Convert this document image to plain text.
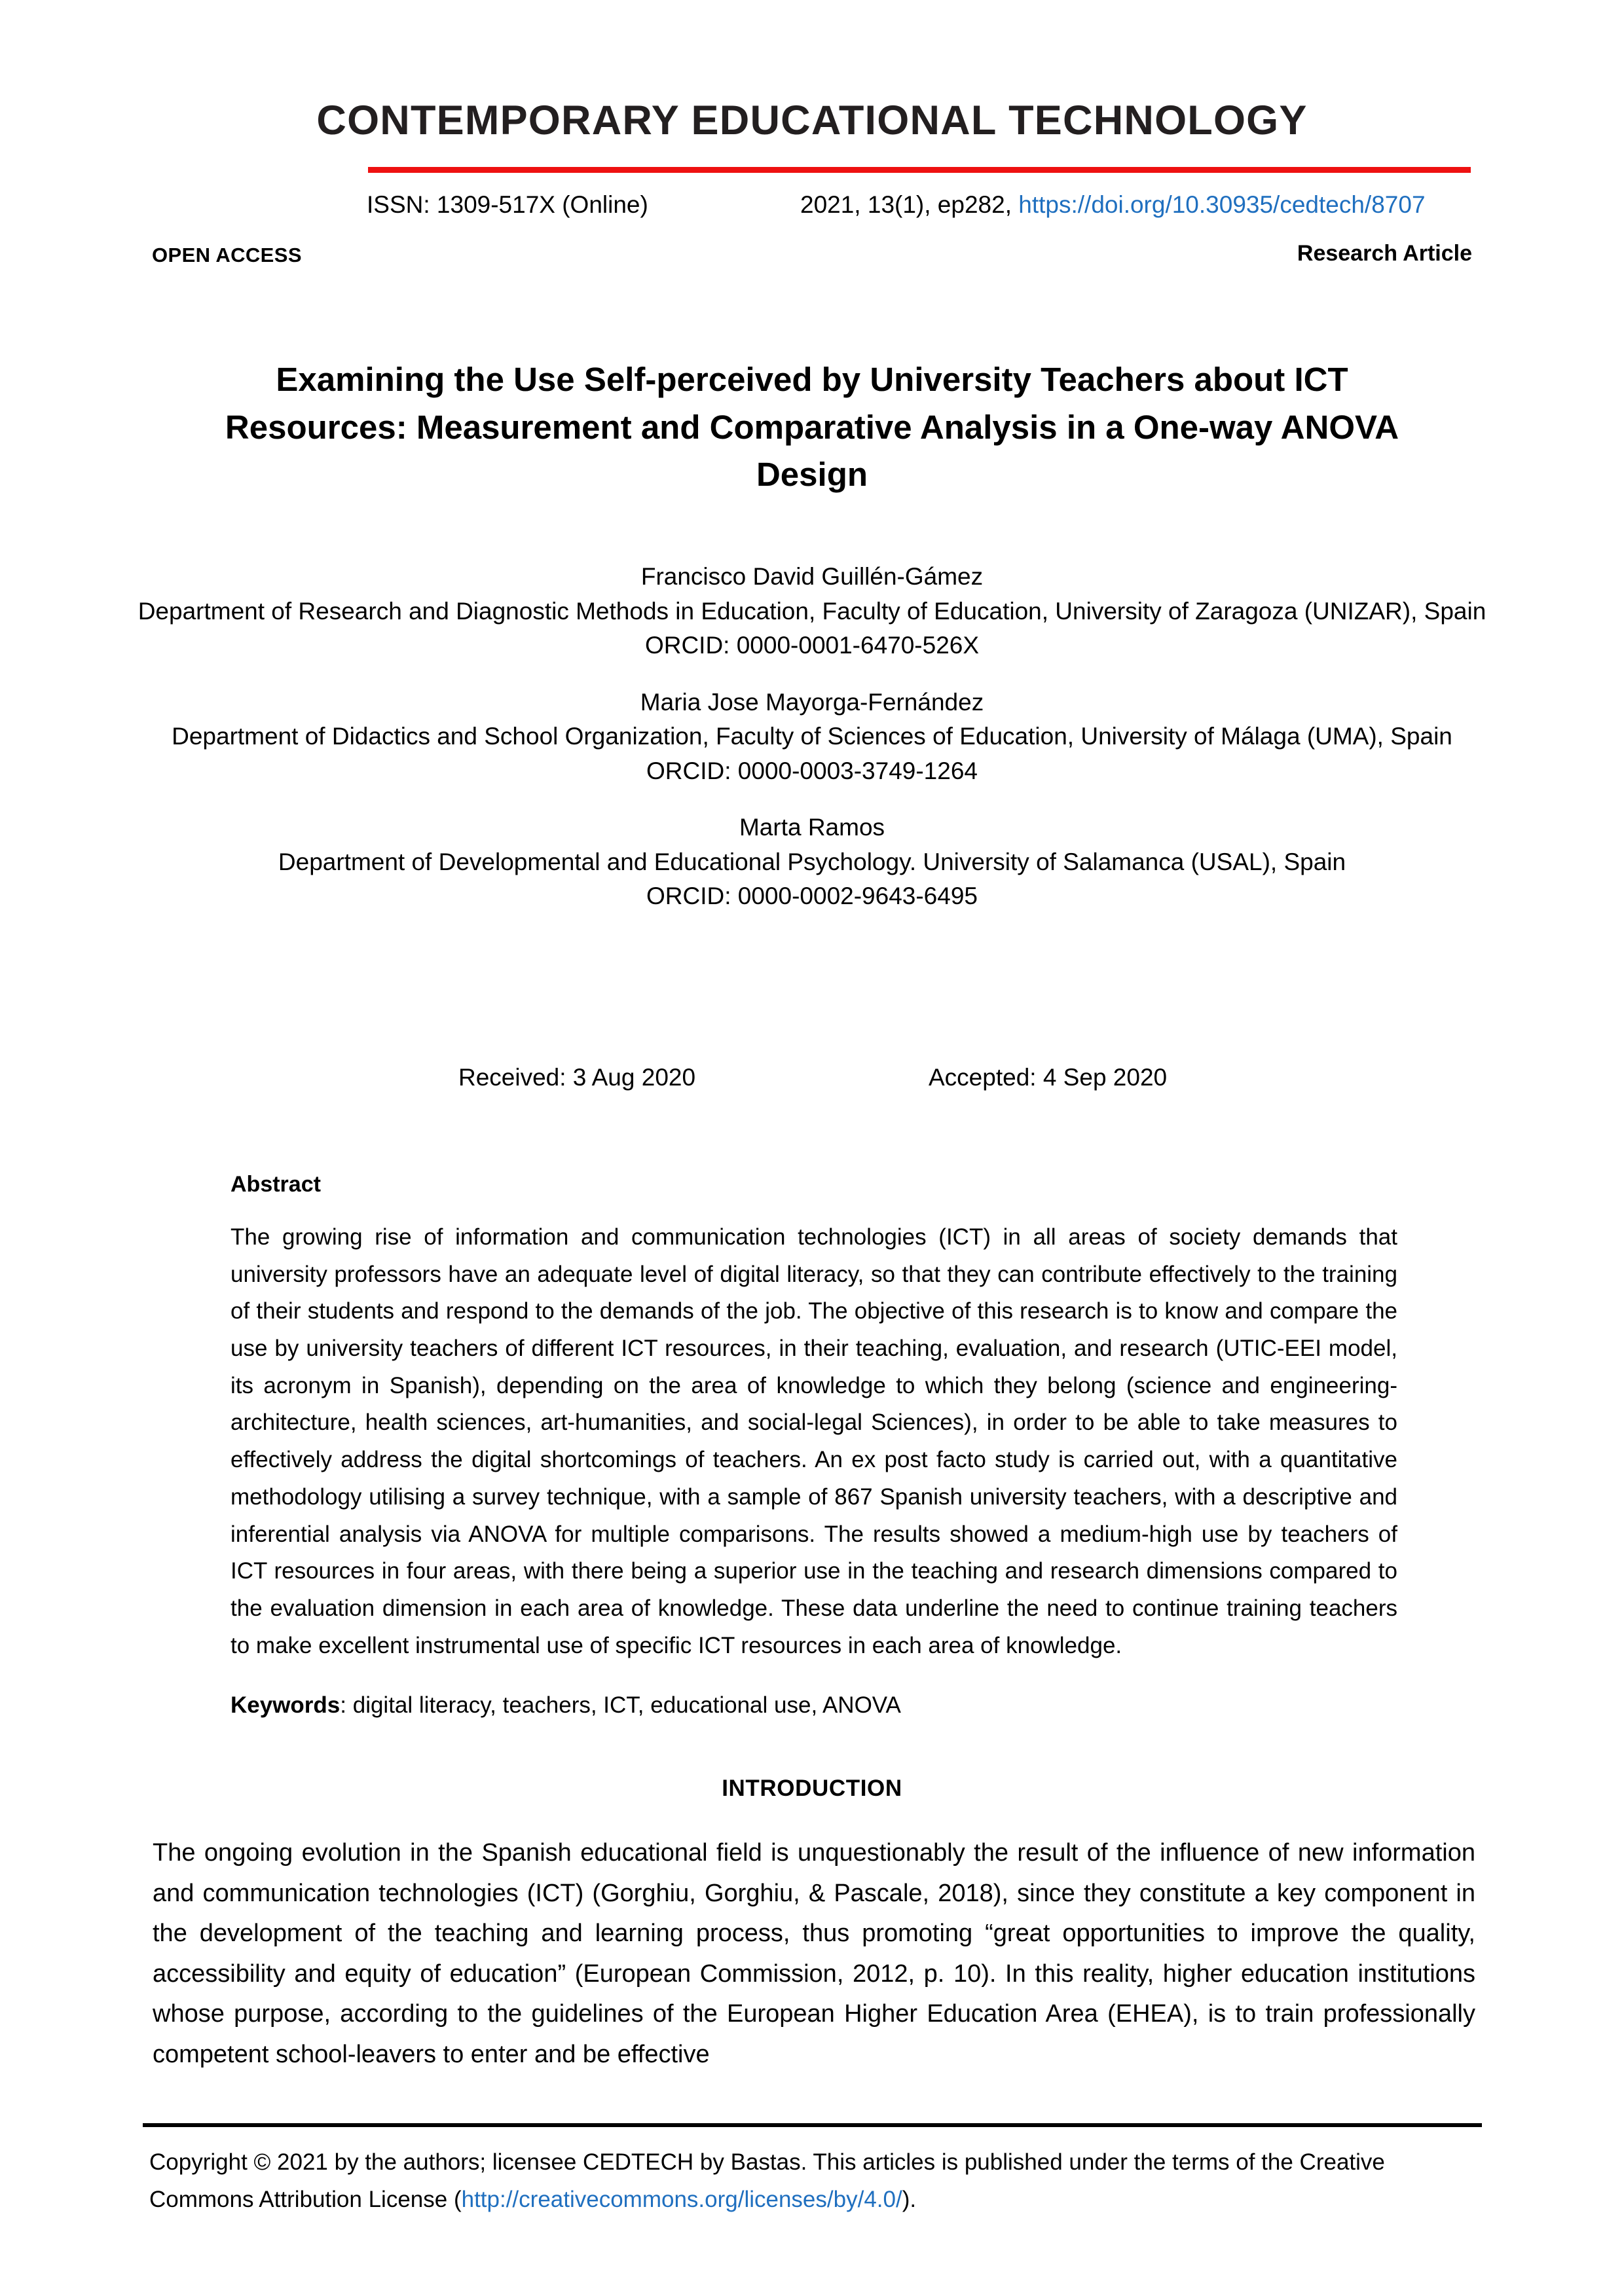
CONTEMPORARY EDUCATIONAL TECHNOLOGY
ISSN: 1309-517X (Online)	2021, 13(1), ep282, https://doi.org/10.30935/cedtech/8707
OPEN ACCESS	Research Article
Examining the Use Self-perceived by University Teachers about ICT Resources: Measurement and Comparative Analysis in a One-way ANOVA Design
Francisco David Guillén-Gámez
Department of Research and Diagnostic Methods in Education, Faculty of Education, University of Zaragoza (UNIZAR), Spain
ORCID: 0000-0001-6470-526X
Maria Jose Mayorga-Fernández
Department of Didactics and School Organization, Faculty of Sciences of Education, University of Málaga (UMA), Spain
ORCID: 0000-0003-3749-1264
Marta Ramos
Department of Developmental and Educational Psychology. University of Salamanca (USAL), Spain
ORCID: 0000-0002-9643-6495
Received: 3 Aug 2020	Accepted: 4 Sep 2020
Abstract
The growing rise of information and communication technologies (ICT) in all areas of society demands that university professors have an adequate level of digital literacy, so that they can contribute effectively to the training of their students and respond to the demands of the job. The objective of this research is to know and compare the use by university teachers of different ICT resources, in their teaching, evaluation, and research (UTIC-EEI model, its acronym in Spanish), depending on the area of knowledge to which they belong (science and engineering-architecture, health sciences, art-humanities, and social-legal Sciences), in order to be able to take measures to effectively address the digital shortcomings of teachers. An ex post facto study is carried out, with a quantitative methodology utilising a survey technique, with a sample of 867 Spanish university teachers, with a descriptive and inferential analysis via ANOVA for multiple comparisons. The results showed a medium-high use by teachers of ICT resources in four areas, with there being a superior use in the teaching and research dimensions compared to the evaluation dimension in each area of knowledge. These data underline the need to continue training teachers to make excellent instrumental use of specific ICT resources in each area of knowledge.
Keywords: digital literacy, teachers, ICT, educational use, ANOVA
INTRODUCTION
The ongoing evolution in the Spanish educational field is unquestionably the result of the influence of new information and communication technologies (ICT) (Gorghiu, Gorghiu, & Pascale, 2018), since they constitute a key component in the development of the teaching and learning process, thus promoting “great opportunities to improve the quality, accessibility and equity of education” (European Commission, 2012, p. 10). In this reality, higher education institutions whose purpose, according to the guidelines of the European Higher Education Area (EHEA), is to train professionally competent school-leavers to enter and be effective
Copyright © 2021 by the authors; licensee CEDTECH by Bastas. This articles is published under the terms of the Creative Commons Attribution License (http://creativecommons.org/licenses/by/4.0/).
